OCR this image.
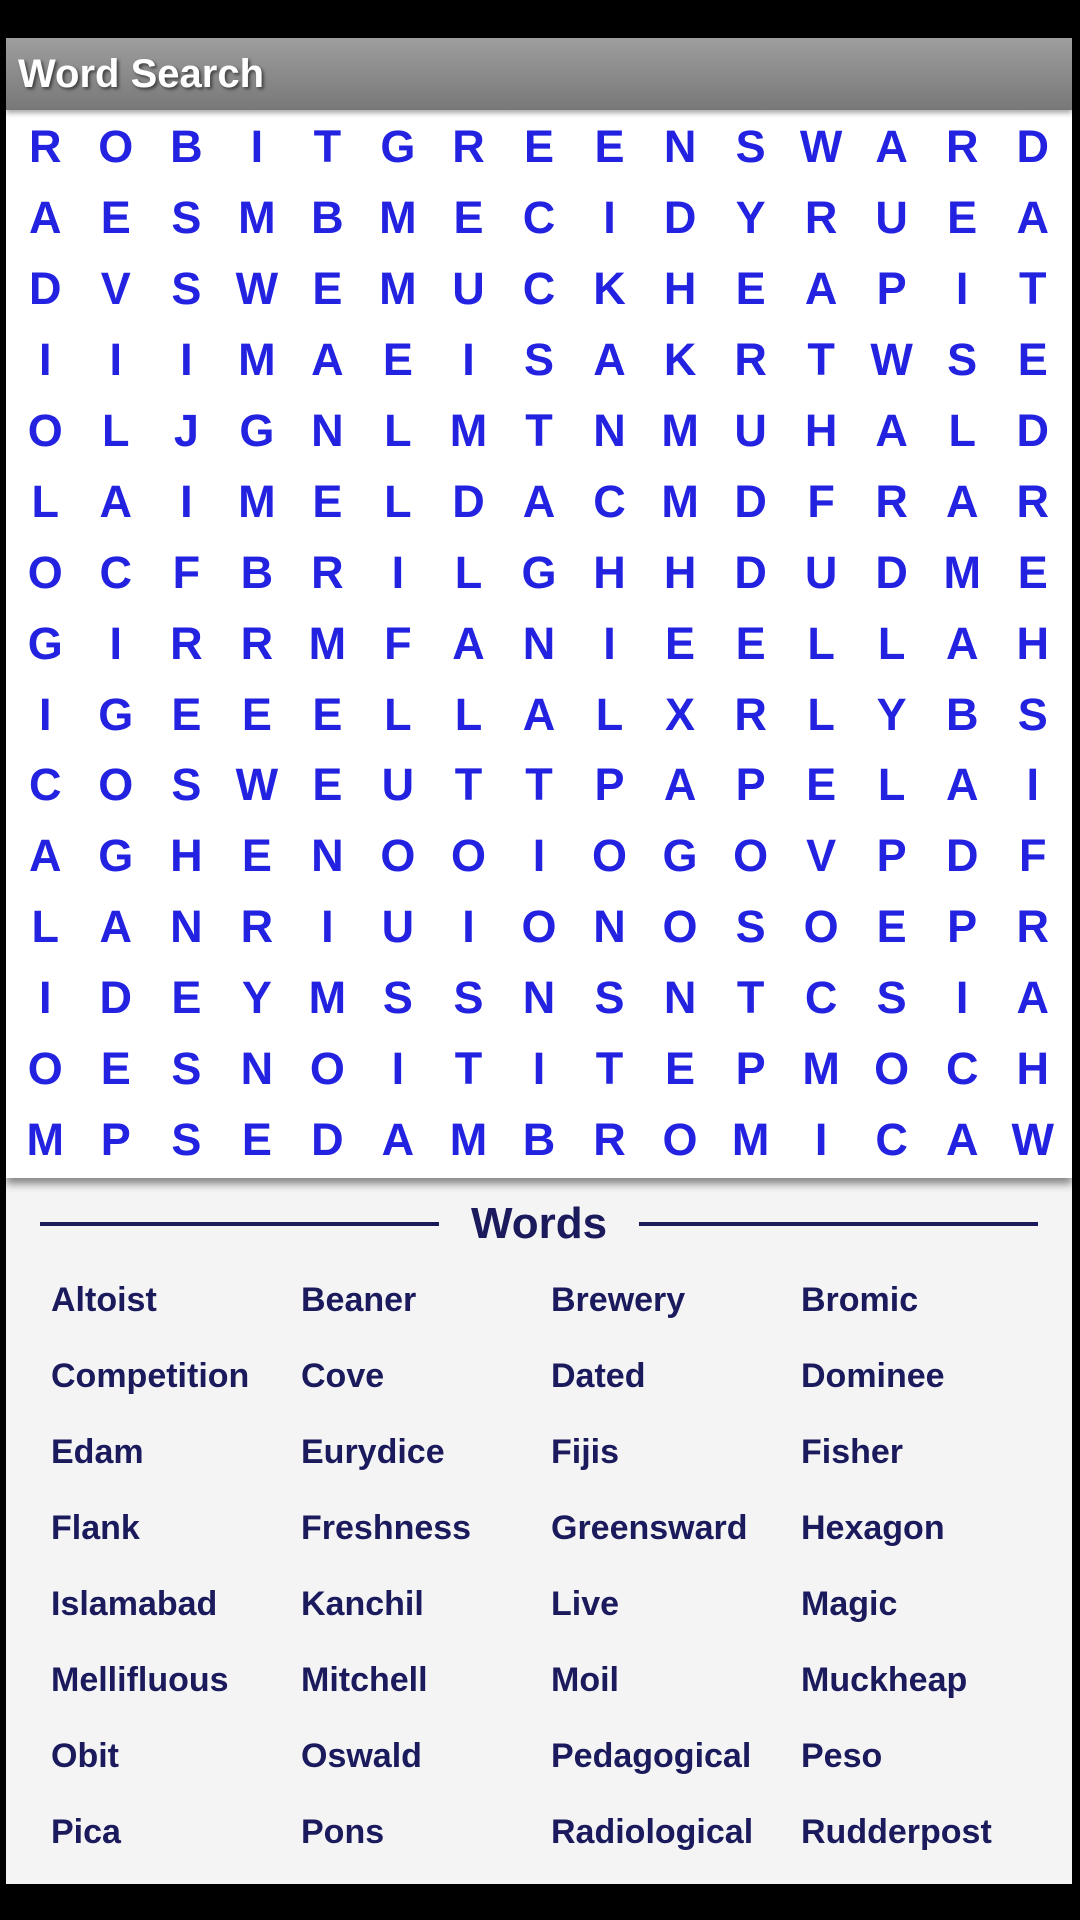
Word Search
R O B	I	T G R E E N S W A R D
A E S M B M E C	I	D Y R U E A
D V S W E M U C K H E A P	I	T
I	I	I	M A E	I	S A K R T W S E
O L J G N L M T N M U H A L D
L A	I	M E L D A C M D F R A R
O C F B R	I	L G H H D U D M E
G	I	R R M F A N	I	E E L L A H
I	G E E E L L A L X R L Y B S
C O S W E U T T P A P E L A	I
A G H E N O O	I	O G O V P D F
L A N R	I	U	I	O N O S O E P R
I	D E Y M S S N S N T C S	I	A
O E S N O	I	T	I	T E P M O C H
M P S E D A M B R O M	I	C A W
Words
Altoist	Beaner	Brewery	Bromic
Competition	Cove	Dated	Dominee
Edam	Eurydice	Fijis	Fisher
Flank	Freshness	Greensward	Hexagon
Islamabad	Kanchil	Live	Magic
Mellifluous	Mitchell	Moil	Muckheap
Obit	Oswald	Pedagogical	Peso
Pica	Pons	Radiological	Rudderpost
